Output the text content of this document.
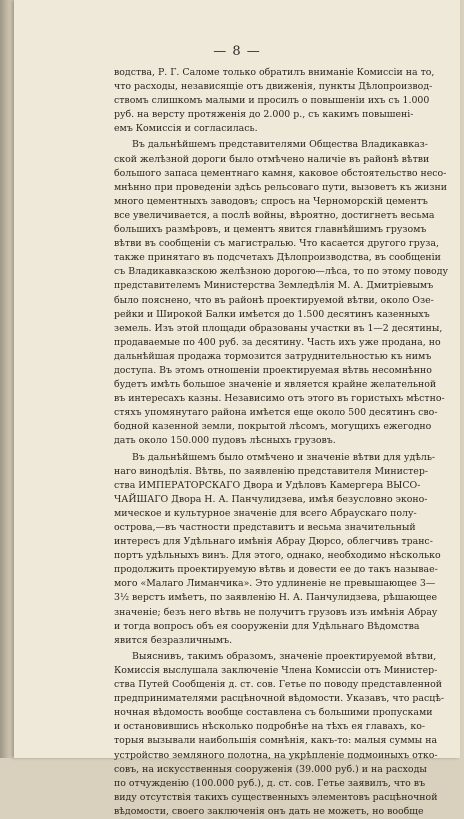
— 8 —
водства, Р. Г. Саломе только обратилъ вниманіе Комиссіи на то,
что расходы, независящіе отъ движенія, пункты Дѣлопроизвод-
ствомъ слишкомъ малыми и просилъ о повышеніи ихъ съ 1.000
руб. на версту протяженія до 2.000 р., съ какимъ повышені-
емъ Комиссія и согласилась.
Въ дальнѣйшемъ представителями Общества Владикавказ-
ской желѣзной дороги было отмѣчено наличіе въ районѣ вѣтви
большого запаса цементнаго камня, каковое обстоятельство несо-
мнѣнно при проведеніи здѣсь рельсоваго пути, вызоветъ къ жизни
много цементныхъ заводовъ; спросъ на Черноморскій цементъ
все увеличивается, а послѣ войны, вѣроятно, достигнетъ весьма
большихъ размѣровъ, и цементъ явится главнѣйшимъ грузомъ
вѣтви въ сообщеніи съ магистралью. Что касается другого груза,
также принятаго въ подсчетахъ Дѣлопроизводства, въ сообщеніи
съ Владикавказскою желѣзною дорогою—лѣса, то по этому поводу
представителемъ Министерства Земледѣлія М. А. Дмитріевымъ
было пояснено, что въ районѣ проектируемой вѣтви, около Озе-
рейки и Широкой Балки имѣется до 1.500 десятинъ казенныхъ
земель. Изъ этой площади образованы участки въ 1—2 десятины,
продаваемые по 400 руб. за десятину. Часть ихъ уже продана, но
дальнѣйшая продажа тормозится затруднительностью къ нимъ
доступа. Въ этомъ отношеніи проектируемая вѣтвь несомнѣнно
будетъ имѣть большое значеніе и является крайне желательной
въ интересахъ казны. Независимо отъ этого въ гористыхъ мѣстно-
стяхъ упомянутаго района имѣется еще около 500 десятинъ сво-
бодной казенной земли, покрытой лѣсомъ, могущихъ ежегодно
дать около 150.000 пудовъ лѣсныхъ грузовъ.
Въ дальнѣйшемъ было отмѣчено и значеніе вѣтви для удѣль-
наго винодѣлія. Вѣтвь, по заявленію представителя Министер-
ства ИМПЕРАТОРСКАГО Двора и Удѣловъ Камергера ВЫСО-
ЧАЙШАГО Двора Н. А. Панчулидзева, имѣя безусловно эконо-
мическое и культурное значеніе для всего Абраускаго полу-
острова,—въ частности представитъ и весьма значительный
интересъ для Удѣльнаго имѣнія Абрау Дюрсо, облегчивъ транс-
портъ удѣльныхъ винъ. Для этого, однако, необходимо нѣсколько
продолжить проектируемую вѣтвь и довести ее до такъ называе-
мого «Малаго Лиманчика». Это удлиненіе не превышающее 3—
3½ верстъ имѣетъ, по заявленію Н. А. Панчулидзева, рѣшающее
значеніе; безъ него вѣтвь не получитъ грузовъ изъ имѣнія Абрау
и тогда вопросъ объ ея сооруженіи для Удѣльнаго Вѣдомства
явится безразличнымъ.
Выяснивъ, такимъ образомъ, значеніе проектируемой вѣтви,
Комиссія выслушала заключеніе Члена Комиссіи отъ Министер-
ства Путей Сообщенія д. ст. сов. Гетье по поводу представленной
предпринимателями расцѣночной вѣдомости. Указавъ, что расцѣ-
ночная вѣдомость вообще составлена съ большими пропусками
и остановившись нѣсколько подробнѣе на тѣхъ ея главахъ, ко-
торыя вызывали наибольшія сомнѣнія, какъ-то: малыя суммы на
устройство земляного полотна, на укрѣпленіе подмоиныхъ отко-
совъ, на искусственныя сооруженія (39.000 руб.) и на расходы
по отчужденію (100.000 руб.), д. ст. сов. Гетье заявилъ, что въ
виду отсутствія такихъ существенныхъ элементовъ расцѣночной
вѣдомости, своего заключенія онъ дать не можетъ, но вообще
